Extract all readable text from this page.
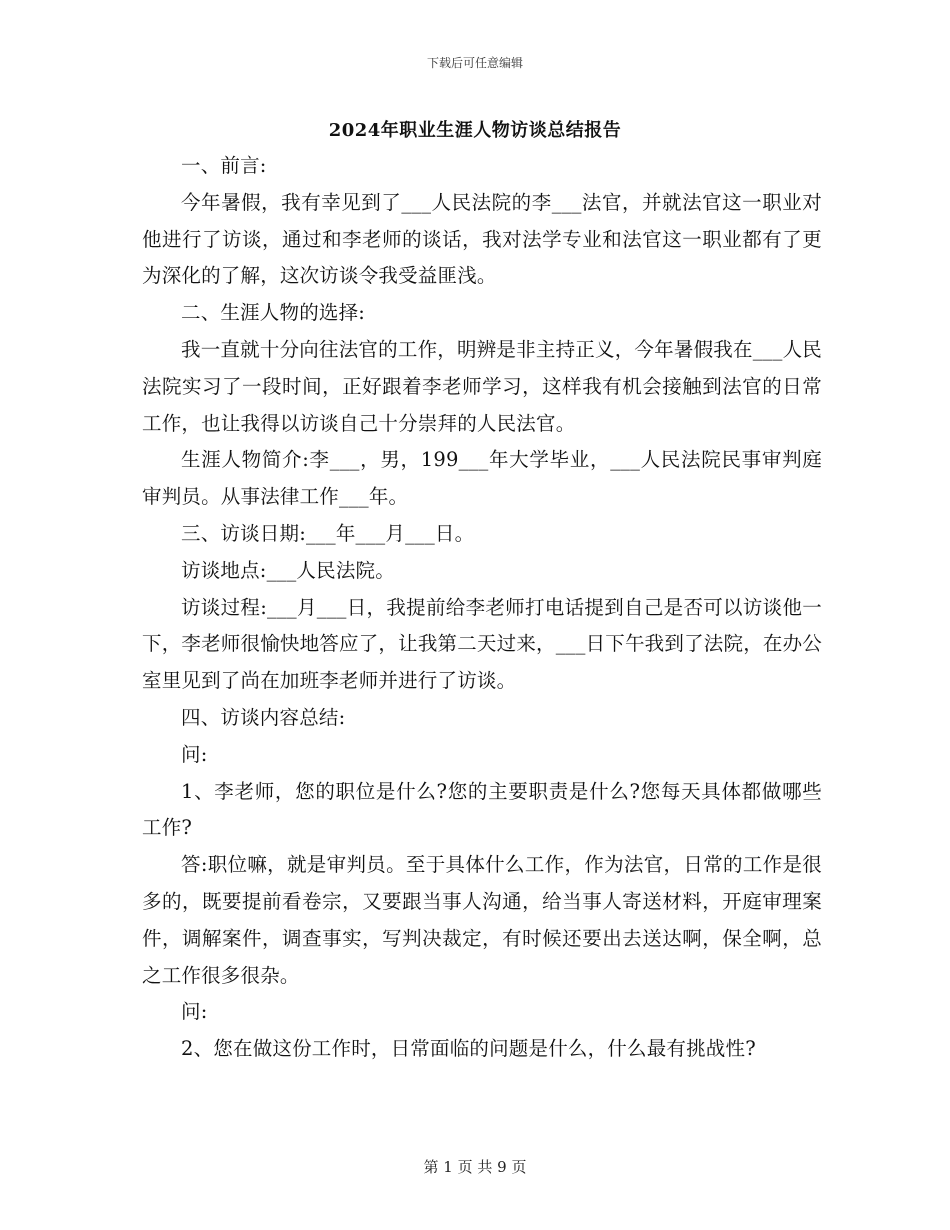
下载后可任意编辑
2024年职业生涯人物访谈总结报告

一、前言:

今年暑假，我有幸见到了___人民法院的李___法官，并就法官这一职业对他进行了访谈，通过和李老师的谈话，我对法学专业和法官这一职业都有了更为深化的了解，这次访谈令我受益匪浅。

二、生涯人物的选择:

我一直就十分向往法官的工作，明辨是非主持正义，今年暑假我在___人民法院实习了一段时间，正好跟着李老师学习，这样我有机会接触到法官的日常工作，也让我得以访谈自己十分崇拜的人民法官。

生涯人物简介:李___，男，199___年大学毕业，___人民法院民事审判庭审判员。从事法律工作___年。

三、访谈日期:___年___月___日。

访谈地点:___人民法院。

访谈过程:___月___日，我提前给李老师打电话提到自己是否可以访谈他一下，李老师很愉快地答应了，让我第二天过来，___日下午我到了法院，在办公室里见到了尚在加班李老师并进行了访谈。

四、访谈内容总结:

问:

1、李老师，您的职位是什么?您的主要职责是什么?您每天具体都做哪些工作?

答:职位嘛，就是审判员。至于具体什么工作，作为法官，日常的工作是很多的，既要提前看卷宗，又要跟当事人沟通，给当事人寄送材料，开庭审理案件，调解案件，调查事实，写判决裁定，有时候还要出去送达啊，保全啊，总之工作很多很杂。

问:

2、您在做这份工作时，日常面临的问题是什么，什么最有挑战性?

第 1 页 共 9 页
